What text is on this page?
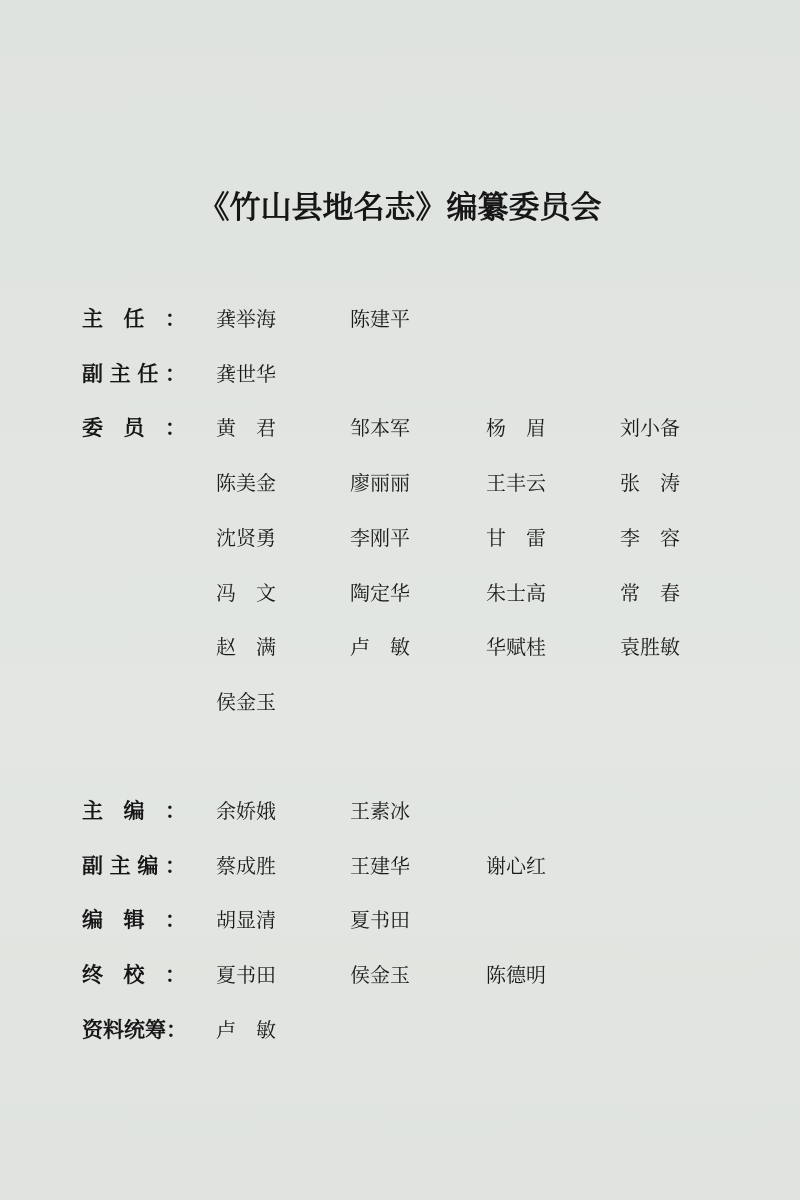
《竹山县地名志》编纂委员会
主 任 ： 龚举海	陈建平
副 主 任 ： 龚世华
委 员 ： 黄　君	邹本军	杨　眉	刘小备
陈美金	廖丽丽	王丰云	张　涛
沈贤勇	李刚平	甘　雷	李　容
冯　文	陶定华	朱士高	常　春
赵　满	卢　敏	华赋桂	袁胜敏
侯金玉
主 编 ： 余娇娥	王素冰
副 主 编 ： 蔡成胜	王建华	谢心红
编 辑 ： 胡显清	夏书田
终 校 ： 夏书田	侯金玉	陈德明
资 料 统 筹 ： 卢　敏
